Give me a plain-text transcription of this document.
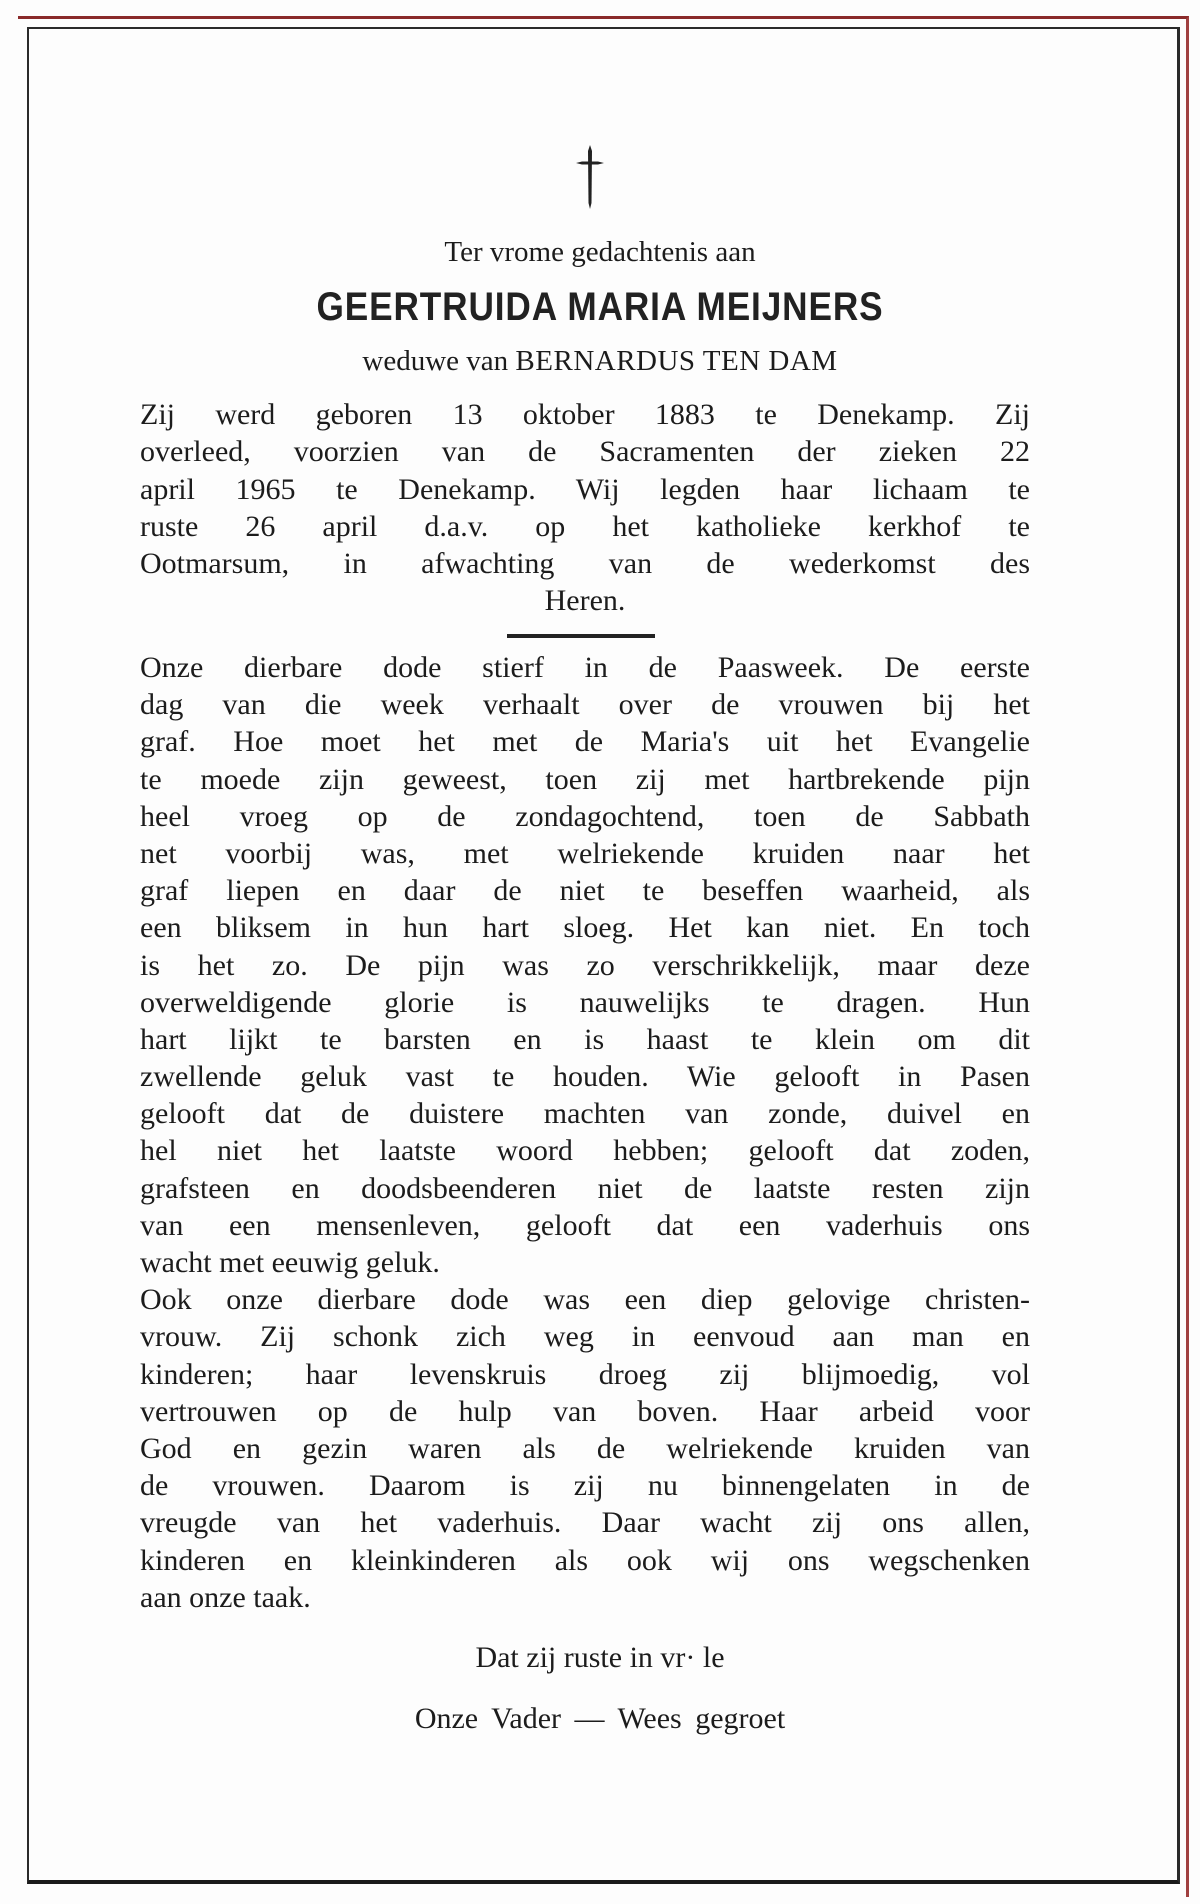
Ter vrome gedachtenis aan
GEERTRUIDA MARIA MEIJNERS
weduwe van BERNARDUS TEN DAM
Zij werd geboren 13 oktober 1883 te Denekamp. Zij
overleed, voorzien van de Sacramenten der zieken 22
april 1965 te Denekamp. Wij legden haar lichaam te
ruste 26 april d.a.v. op het katholieke kerkhof te
Ootmarsum, in afwachting van de wederkomst des
Heren.
Onze dierbare dode stierf in de Paasweek. De eerste
dag van die week verhaalt over de vrouwen bij het
graf. Hoe moet het met de Maria's uit het Evangelie
te moede zijn geweest, toen zij met hartbrekende pijn
heel vroeg op de zondagochtend, toen de Sabbath
net voorbij was, met welriekende kruiden naar het
graf liepen en daar de niet te beseffen waarheid, als
een bliksem in hun hart sloeg. Het kan niet. En toch
is het zo. De pijn was zo verschrikkelijk, maar deze
overweldigende glorie is nauwelijks te dragen. Hun
hart lijkt te barsten en is haast te klein om dit
zwellende geluk vast te houden. Wie gelooft in Pasen
gelooft dat de duistere machten van zonde, duivel en
hel niet het laatste woord hebben; gelooft dat zoden,
grafsteen en doodsbeenderen niet de laatste resten zijn
van een mensenleven, gelooft dat een vaderhuis ons
wacht met eeuwig geluk.
Ook onze dierbare dode was een diep gelovige christen-
vrouw. Zij schonk zich weg in eenvoud aan man en
kinderen; haar levenskruis droeg zij blijmoedig, vol
vertrouwen op de hulp van boven. Haar arbeid voor
God en gezin waren als de welriekende kruiden van
de vrouwen. Daarom is zij nu binnengelaten in de
vreugde van het vaderhuis. Daar wacht zij ons allen,
kinderen en kleinkinderen als ook wij ons wegschenken
aan onze taak.
Dat zij ruste in vr· le
Onze Vader — Wees gegroet
